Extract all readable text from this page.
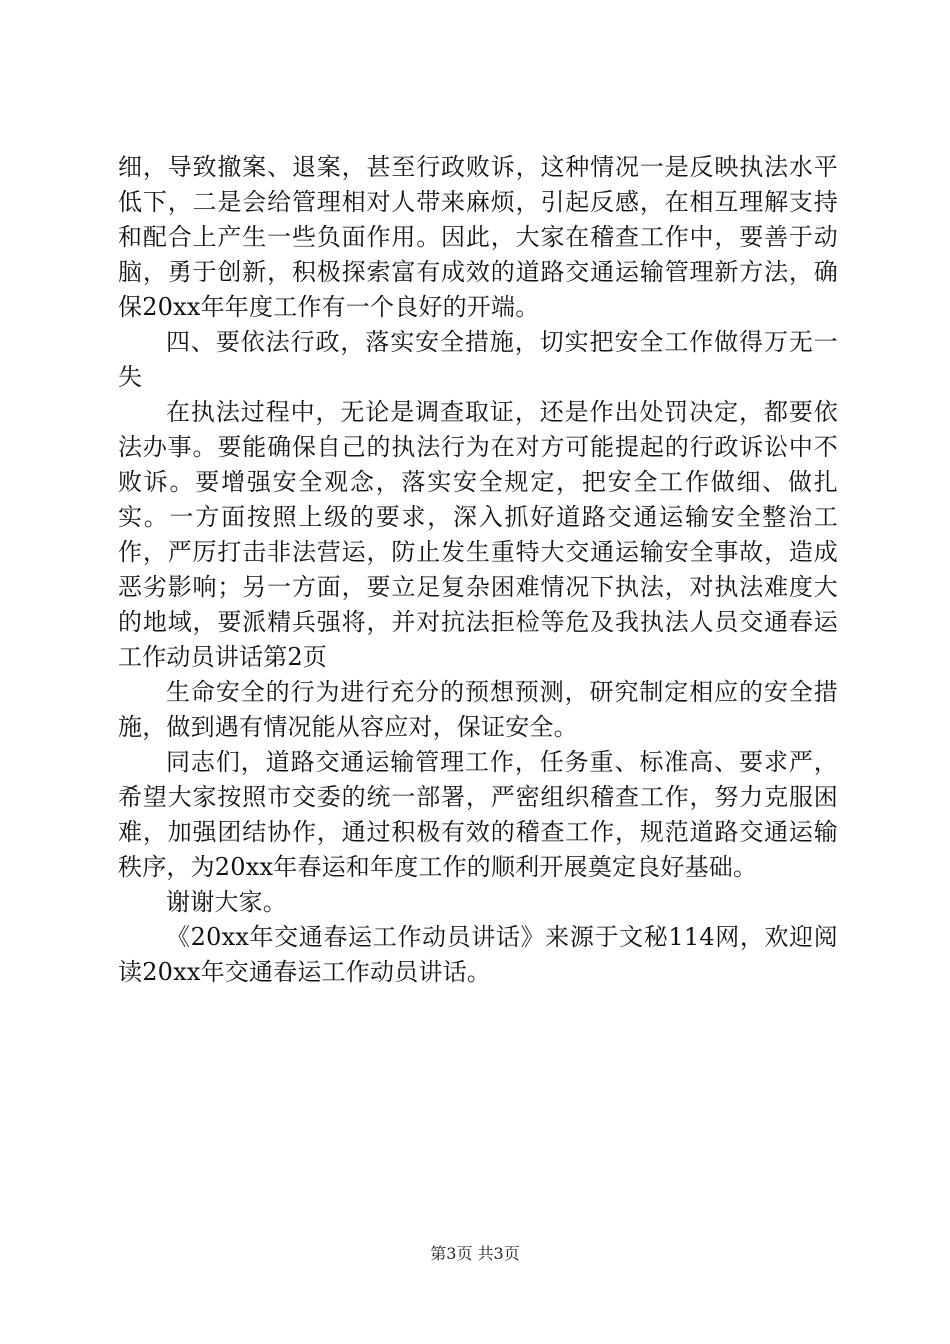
细，导致撤案、退案，甚至行政败诉，这种情况一是反映执法水平低下，二是会给管理相对人带来麻烦，引起反感，在相互理解支持和配合上产生一些负面作用。因此，大家在稽查工作中，要善于动脑，勇于创新，积极探索富有成效的道路交通运输管理新方法，确保20xx年年度工作有一个良好的开端。

四、要依法行政，落实安全措施，切实把安全工作做得万无一失

在执法过程中，无论是调查取证，还是作出处罚决定，都要依法办事。要能确保自己的执法行为在对方可能提起的行政诉讼中不败诉。要增强安全观念，落实安全规定，把安全工作做细、做扎实。一方面按照上级的要求，深入抓好道路交通运输安全整治工作，严厉打击非法营运，防止发生重特大交通运输安全事故，造成恶劣影响；另一方面，要立足复杂困难情况下执法，对执法难度大的地域，要派精兵强将，并对抗法拒检等危及我执法人员交通春运工作动员讲话第2页

生命安全的行为进行充分的预想预测，研究制定相应的安全措施，做到遇有情况能从容应对，保证安全。

同志们，道路交通运输管理工作，任务重、标准高、要求严，希望大家按照市交委的统一部署，严密组织稽查工作，努力克服困难，加强团结协作，通过积极有效的稽查工作，规范道路交通运输秩序，为20xx年春运和年度工作的顺利开展奠定良好基础。

谢谢大家。

《20xx年交通春运工作动员讲话》来源于文秘114网，欢迎阅读20xx年交通春运工作动员讲话。

第3页 共3页
